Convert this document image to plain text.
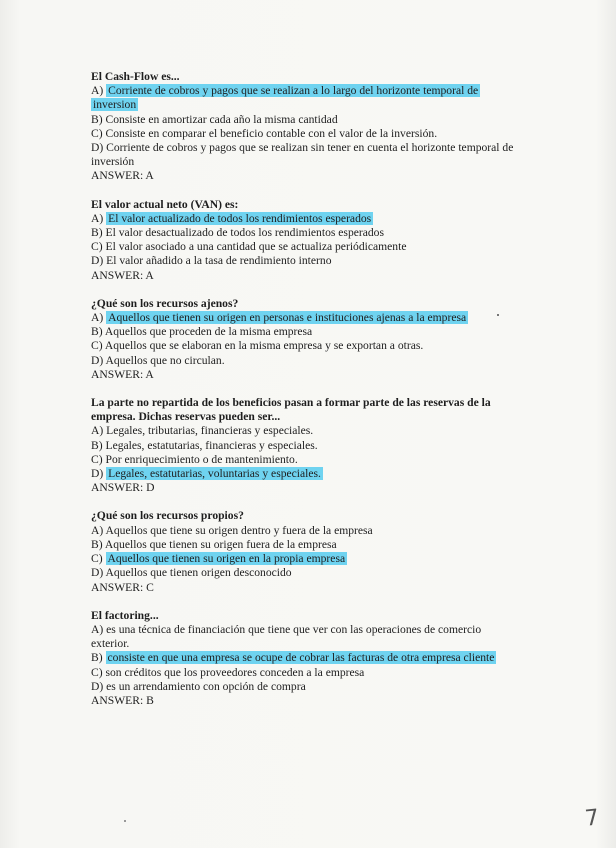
El Cash-Flow es...
A) Corriente de cobros y pagos que se realizan a lo largo del horizonte temporal de inversion
B) Consiste en amortizar cada año la misma cantidad
C) Consiste en comparar el beneficio contable con el valor de la inversión.
D) Corriente de cobros y pagos que se realizan sin tener en cuenta el horizonte temporal de inversión
ANSWER: A
El valor actual neto (VAN) es:
A) El valor actualizado de todos los rendimientos esperados
B) El valor desactualizado de todos los rendimientos esperados
C) El valor asociado a una cantidad que se actualiza periódicamente
D) El valor añadido a la tasa de rendimiento interno
ANSWER: A
¿Qué son los recursos ajenos?
A) Aquellos que tienen su origen en personas e instituciones ajenas a la empresa
B) Aquellos que proceden de la misma empresa
C) Aquellos que se elaboran en la misma empresa y se exportan a otras.
D) Aquellos que no circulan.
ANSWER: A
La parte no repartida de los beneficios pasan a formar parte de las reservas de la empresa. Dichas reservas pueden ser...
A) Legales, tributarias, financieras y especiales.
B) Legales, estatutarias, financieras y especiales.
C) Por enriquecimiento o de mantenimiento.
D) Legales, estatutarias, voluntarias y especiales.
ANSWER: D
¿Qué son los recursos propios?
A) Aquellos que tiene su origen dentro y fuera de la empresa
B) Aquellos que tienen su origen fuera de la empresa
C) Aquellos que tienen su origen en la propia empresa
D) Aquellos que tienen origen desconocido
ANSWER: C
El factoring...
A) es una técnica de financiación que tiene que ver con las operaciones de comercio exterior.
B) consiste en que una empresa se ocupe de cobrar las facturas de otra empresa cliente
C) son créditos que los proveedores conceden a la empresa
D) es un arrendamiento con opción de compra
ANSWER: B
7
